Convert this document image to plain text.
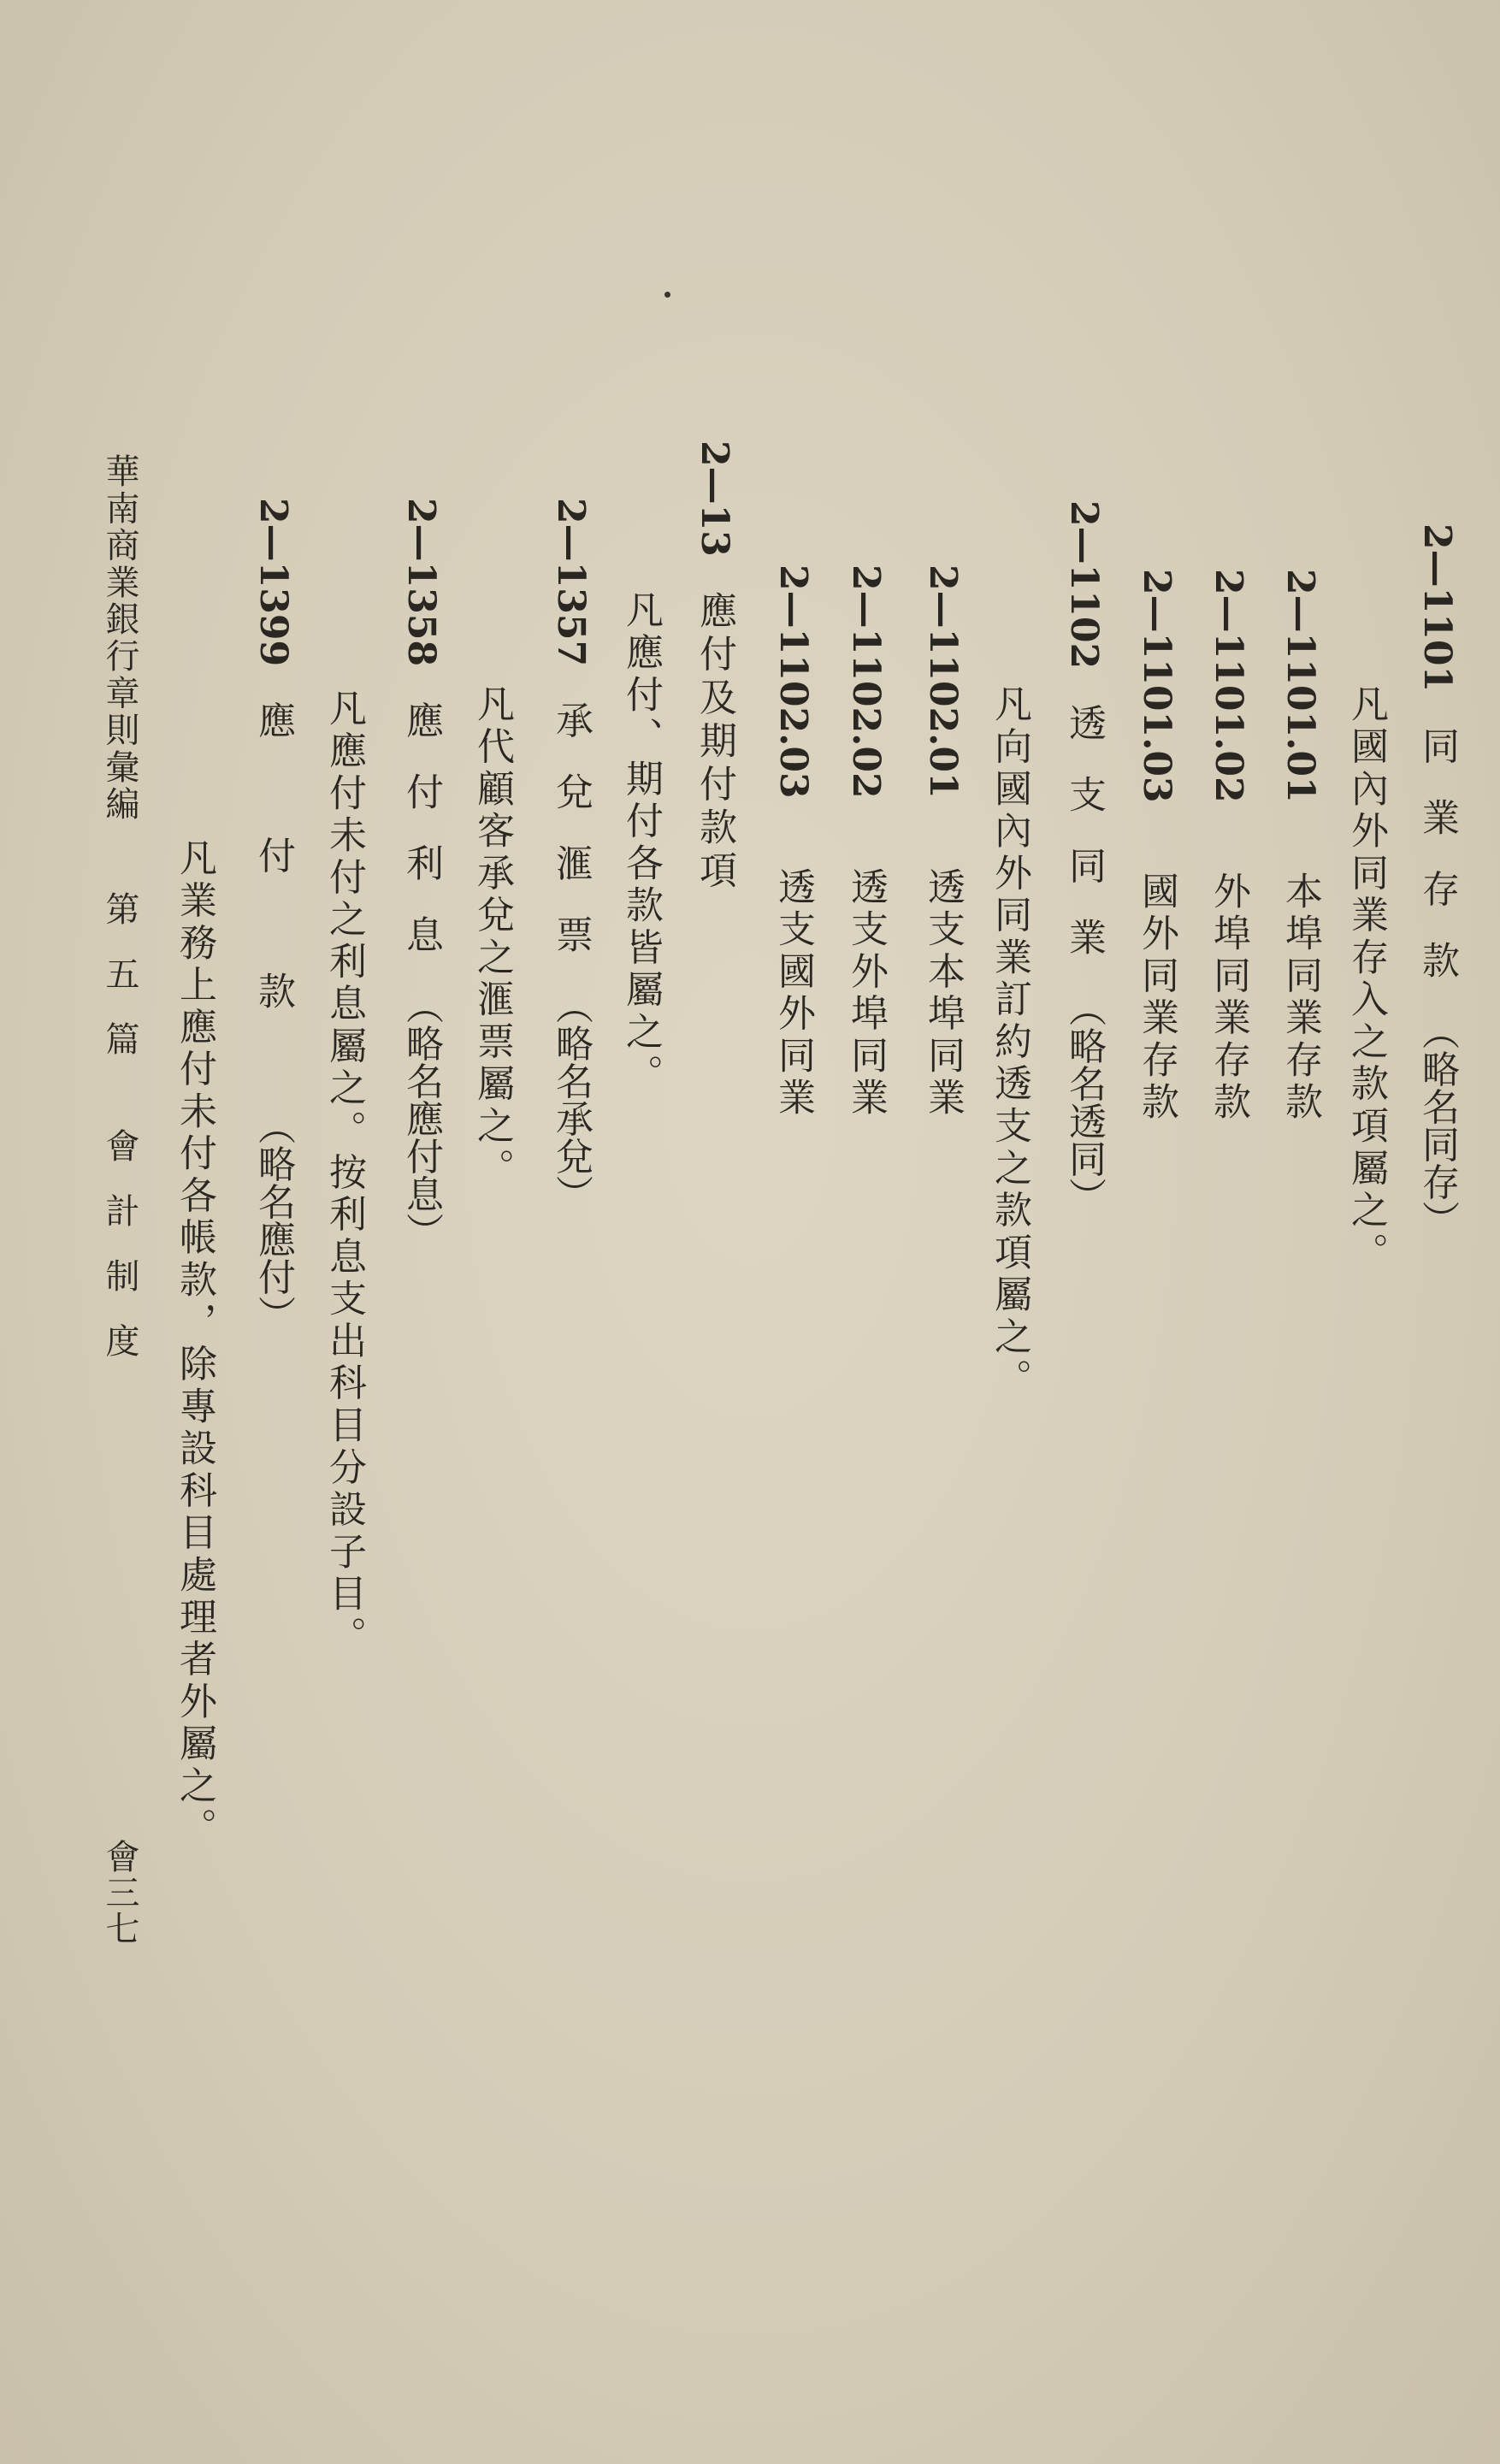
2—1101同業存款（略名同存）
凡國內外同業存入之款項屬之。
2—1101.01本埠同業存款
2—1101.02外埠同業存款
2—1101.03國外同業存款
2—1102透支同業（略名透同）
凡向國內外同業訂約透支之款項屬之。
2—1102.01透支本埠同業
2—1102.02透支外埠同業
2—1102.03透支國外同業
2—13應付及期付款項
凡應付、期付各款皆屬之。
2—1357承兌滙票（略名承兌）
凡代顧客承兌之滙票屬之。
2—1358應付利息（略名應付息）
凡應付未付之利息屬之。按利息支出科目分設子目。
2—1399應付款（略名應付）
凡業務上應付未付各帳款，除專設科目處理者外屬之。
華南商業銀行章則彙編第五篇 會計制度
會三七
